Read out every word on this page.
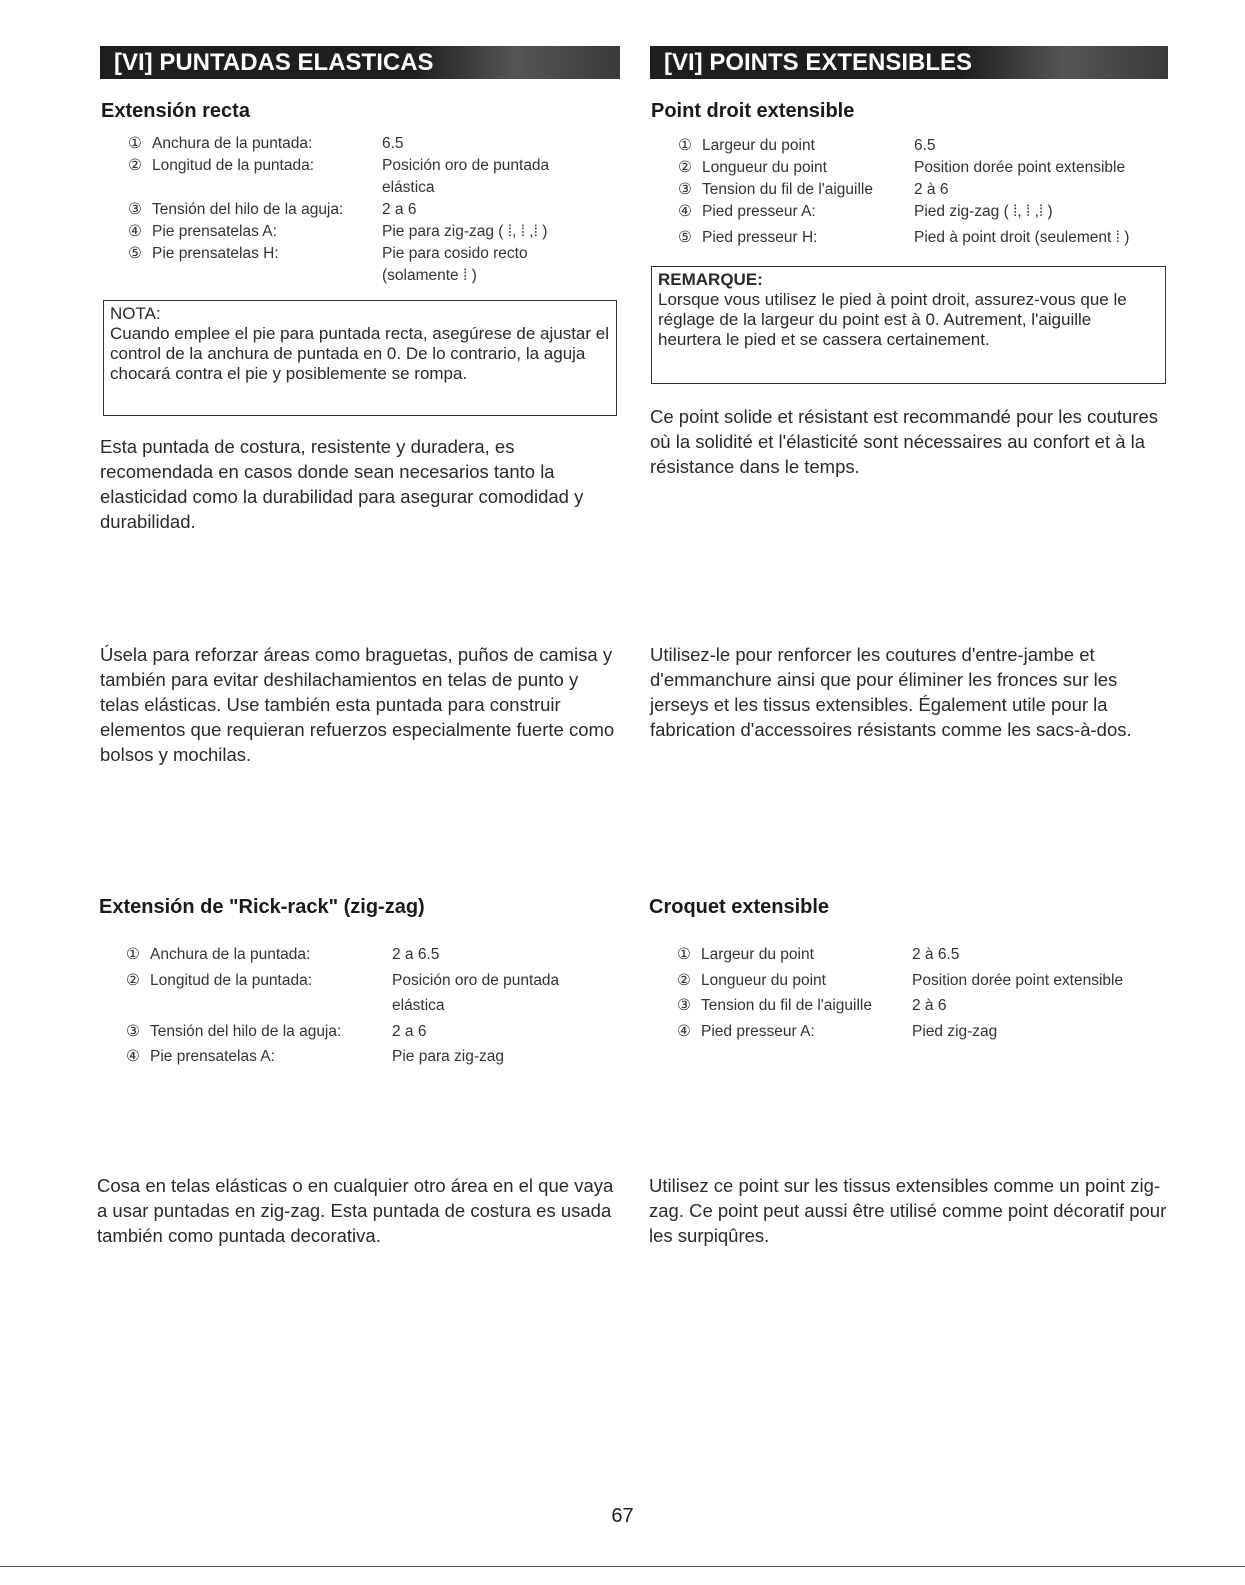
[VI] PUNTADAS ELASTICAS
Extensión recta
① Anchura de la puntada:	6.5
② Longitud de la puntada:	Posición oro de puntada
elástica
③ Tensión del hilo de la aguja:	2 a 6
④ Pie prensatelas A:	Pie para zig-zag ( ⁞, ⁞ ,⁞ )
⑤ Pie prensatelas H:	Pie para cosido recto
(solamente ⁞ )
NOTA:
Cuando emplee el pie para puntada recta, asegúrese de ajustar el control de la anchura de puntada en 0. De lo contrario, la aguja chocará contra el pie y posiblemente se rompa.
Esta puntada de costura, resistente y duradera, es recomendada en casos donde sean necesarios tanto la elasticidad como la durabilidad para asegurar comodidad y durabilidad.
Úsela para reforzar áreas como braguetas, puños de camisa y también para evitar deshilachamientos en telas de punto y telas elásticas. Use también esta puntada para construir elementos que requieran refuerzos especialmente fuerte como bolsos y mochilas.
Extensión de "Rick-rack" (zig-zag)
① Anchura de la puntada:	2 a 6.5
② Longitud de la puntada:	Posición oro de puntada
elástica
③ Tensión del hilo de la aguja:	2 a 6
④ Pie prensatelas A:	Pie para zig-zag
Cosa en telas elásticas o en cualquier otro área en el que vaya a usar puntadas en zig-zag. Esta puntada de costura es usada también como puntada decorativa.
[VI] POINTS EXTENSIBLES
Point droit extensible
① Largeur du point	6.5
② Longueur du point	Position dorée point extensible
③ Tension du fil de l'aiguille	2 à 6
④ Pied presseur A:	Pied zig-zag ( ⁞, ⁞ ,⁞ )
⑤ Pied presseur H:	Pied à point droit (seulement ⁞ )
REMARQUE:
Lorsque vous utilisez le pied à point droit, assurez-vous que le réglage de la largeur du point est à 0. Autrement, l'aiguille heurtera le pied et se cassera certainement.
Ce point solide et résistant est recommandé pour les coutures où la solidité et l'élasticité sont nécessaires au confort et à la résistance dans le temps.
Utilisez-le pour renforcer les coutures d'entre-jambe et d'emmanchure ainsi que pour éliminer les fronces sur les jerseys et les tissus extensibles. Également utile pour la fabrication d'accessoires résistants comme les sacs-à-dos.
Croquet extensible
① Largeur du point	2 à 6.5
② Longueur du point	Position dorée point extensible
③ Tension du fil de l'aiguille	2 à 6
④ Pied presseur A:	Pied zig-zag
Utilisez ce point sur les tissus extensibles comme un point zig-zag. Ce point peut aussi être utilisé comme point décoratif pour les surpiqûres.
67
